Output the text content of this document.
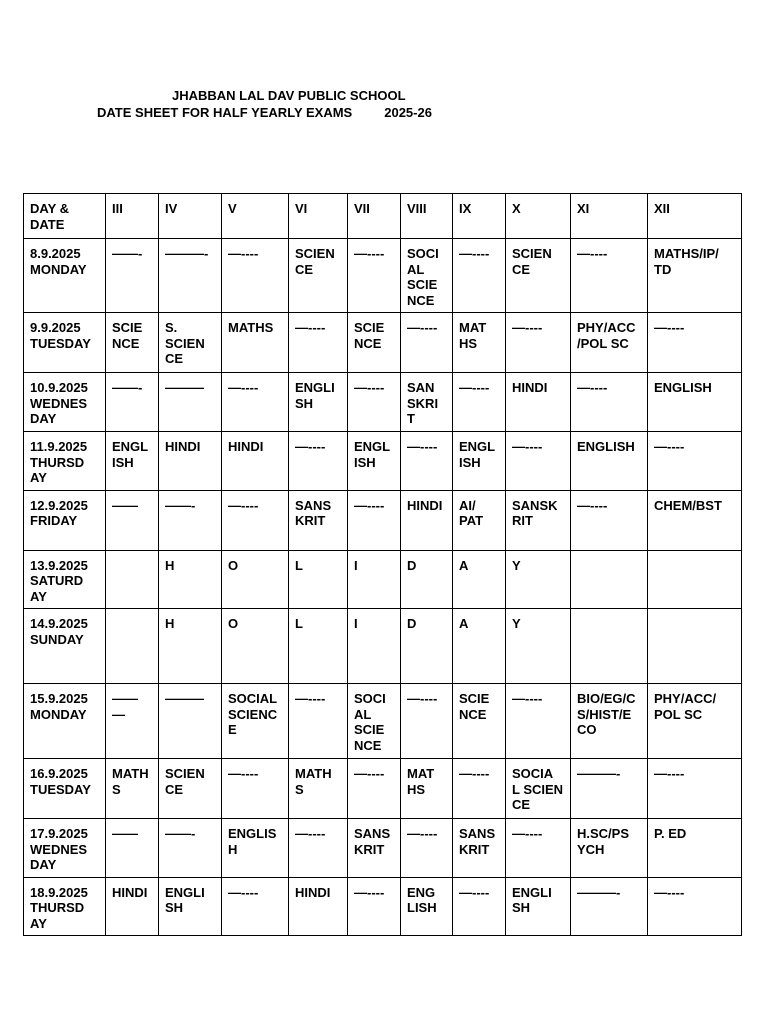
JHABBAN LAL DAV PUBLIC SCHOOL
DATE SHEET FOR HALF YEARLY EXAMS 2025-26
DAY & DATE	III	IV	V	VI	VII	VIII	IX	X	XI	XII

8.9.2025
MONDAY	——-	———-	—----	SCIEN CE	—----	SOCI AL SCIE NCE	—----	SCIEN CE	—----	MATHS/IP/ TD

9.9.2025
TUESDAY	SCIE NCE	S. SCIEN CE	MATHS	—----	SCIE NCE	—----	MAT HS	—----	PHY/ACC /POL SC	—----

10.9.2025
WEDNES DAY	——-	———	—----	ENGLI SH	—----	SAN SKRI T	—----	HINDI	—----	ENGLISH

11.9.2025
THURSD AY	ENGL ISH	HINDI	HINDI	—----	ENGL ISH	—----	ENGL ISH	—----	ENGLISH	—----

12.9.2025
FRIDAY	——	——-	—----	SANS KRIT	—----	HINDI	AI/ PAT	SANSK RIT	—----	CHEM/BST

13.9.2025
SATURD AY		H	O	L	I	D	A	Y		

14.9.2025
SUNDAY		H	O	L	I	D	A	Y		

15.9.2025
MONDAY	—— —	———	SOCIAL SCIENC E	—----	SOCI AL SCIE NCE	—----	SCIE NCE	—----	BIO/EG/C S/HIST/E CO	PHY/ACC/ POL SC

16.9.2025
TUESDAY	MATH S	SCIEN CE	—----	MATH S	—----	MAT HS	—----	SOCIA L SCIEN CE	———-	—----

17.9.2025
WEDNES DAY	——	——-	ENGLIS H	—----	SANS KRIT	—----	SANS KRIT	—----	H.SC/PS YCH	P. ED

18.9.2025
THURSD AY	HINDI	ENGLI SH	—----	HINDI	—----	ENG LISH	—----	ENGLI SH	———-	—----
